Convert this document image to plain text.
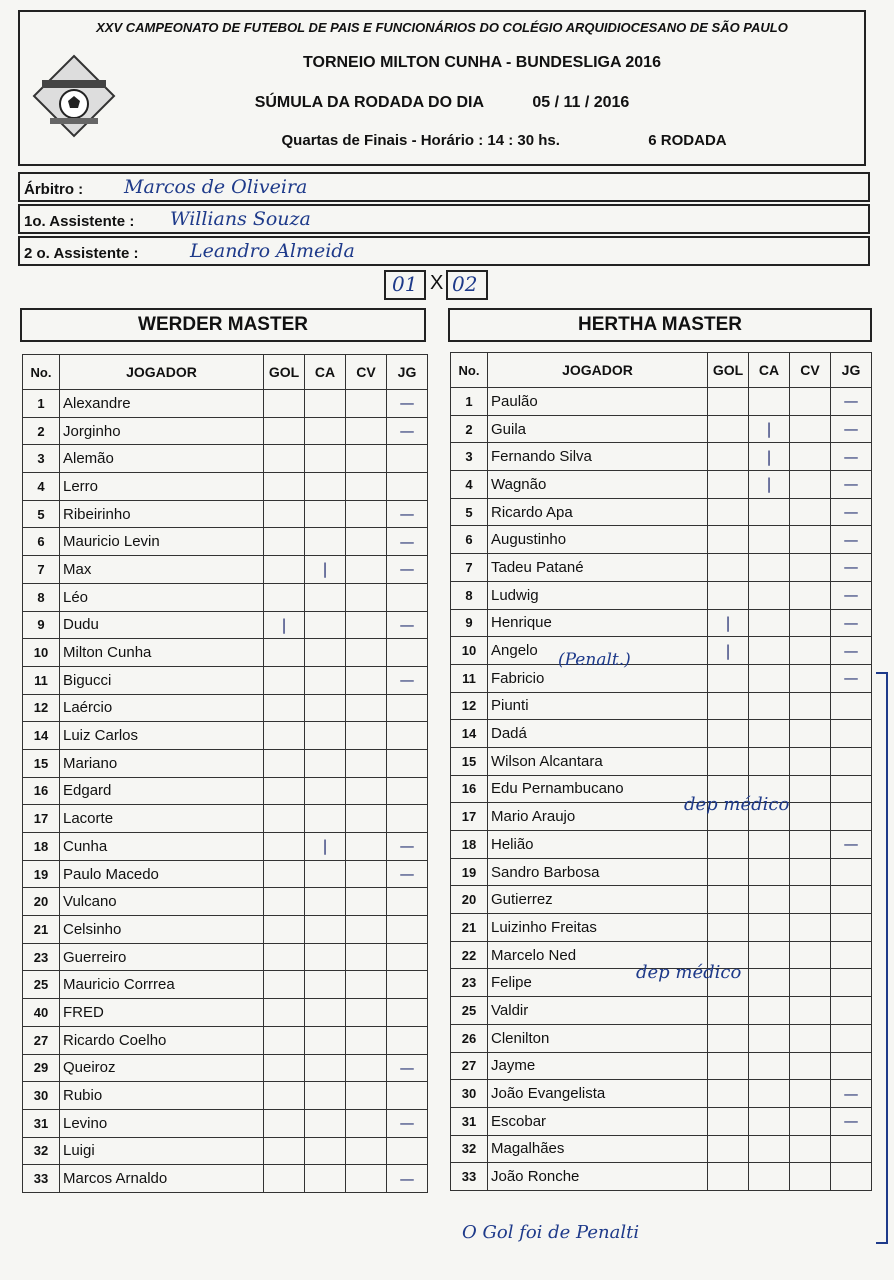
XXV CAMPEONATO DE FUTEBOL DE PAIS E FUNCIONÁRIOS DO COLÉGIO ARQUIDIOCESANO DE SÃO PAULO
TORNEIO MILTON CUNHA - BUNDESLIGA 2016
SÚMULA DA RODADA DO DIA	05 / 11 / 2016
Quartas de Finais - Horário : 14 : 30 hs.	6 RODADA
Árbitro : Marcos de Oliveira
1o. Assistente : Willians Souza
2 o. Assistente :	Leandro Almeida
01 X 02
WERDER MASTER	HERTHA MASTER
No.	JOGADOR	GOL	CA	CV	JG
1	Alexandre				—
2	Jorginho				—
3	Alemão				
4	Lerro				
5	Ribeirinho				—
6	Mauricio Levin				—
7	Max		|		—
8	Léo				
9	Dudu	|			—
10	Milton Cunha				
11	Bigucci				—
12	Laércio				
14	Luiz Carlos				
15	Mariano				
16	Edgard				
17	Lacorte				
18	Cunha		|		—
19	Paulo Macedo				—
20	Vulcano				
21	Celsinho				
23	Guerreiro				
25	Mauricio Corrrea				
40	FRED				
27	Ricardo Coelho				
29	Queiroz				—
30	Rubio				
31	Levino				—
32	Luigi				
33	Marcos Arnaldo				—
No.	JOGADOR	GOL	CA	CV	JG
1	Paulão				—
2	Guila		|		—
3	Fernando Silva		|		—
4	Wagnão		|		—
5	Ricardo Apa				—
6	Augustinho				—
7	Tadeu Patané				—
8	Ludwig				—
9	Henrique	|			—
10	Angelo	|			—
11	Fabricio				—
12	Piunti				
14	Dadá				
15	Wilson Alcantara				
16	Edu Pernambucano				
17	Mario Araujo				
18	Helião				—
19	Sandro Barbosa				
20	Gutierrez				
21	Luizinho Freitas				
22	Marcelo Ned				
23	Felipe				
25	Valdir				
26	Clenilton				
27	Jayme				
30	João Evangelista				—
31	Escobar				—
32	Magalhães				
33	João Ronche				
(Penalt.)
dep médico
dep médico
O Gol foi de Penalti
